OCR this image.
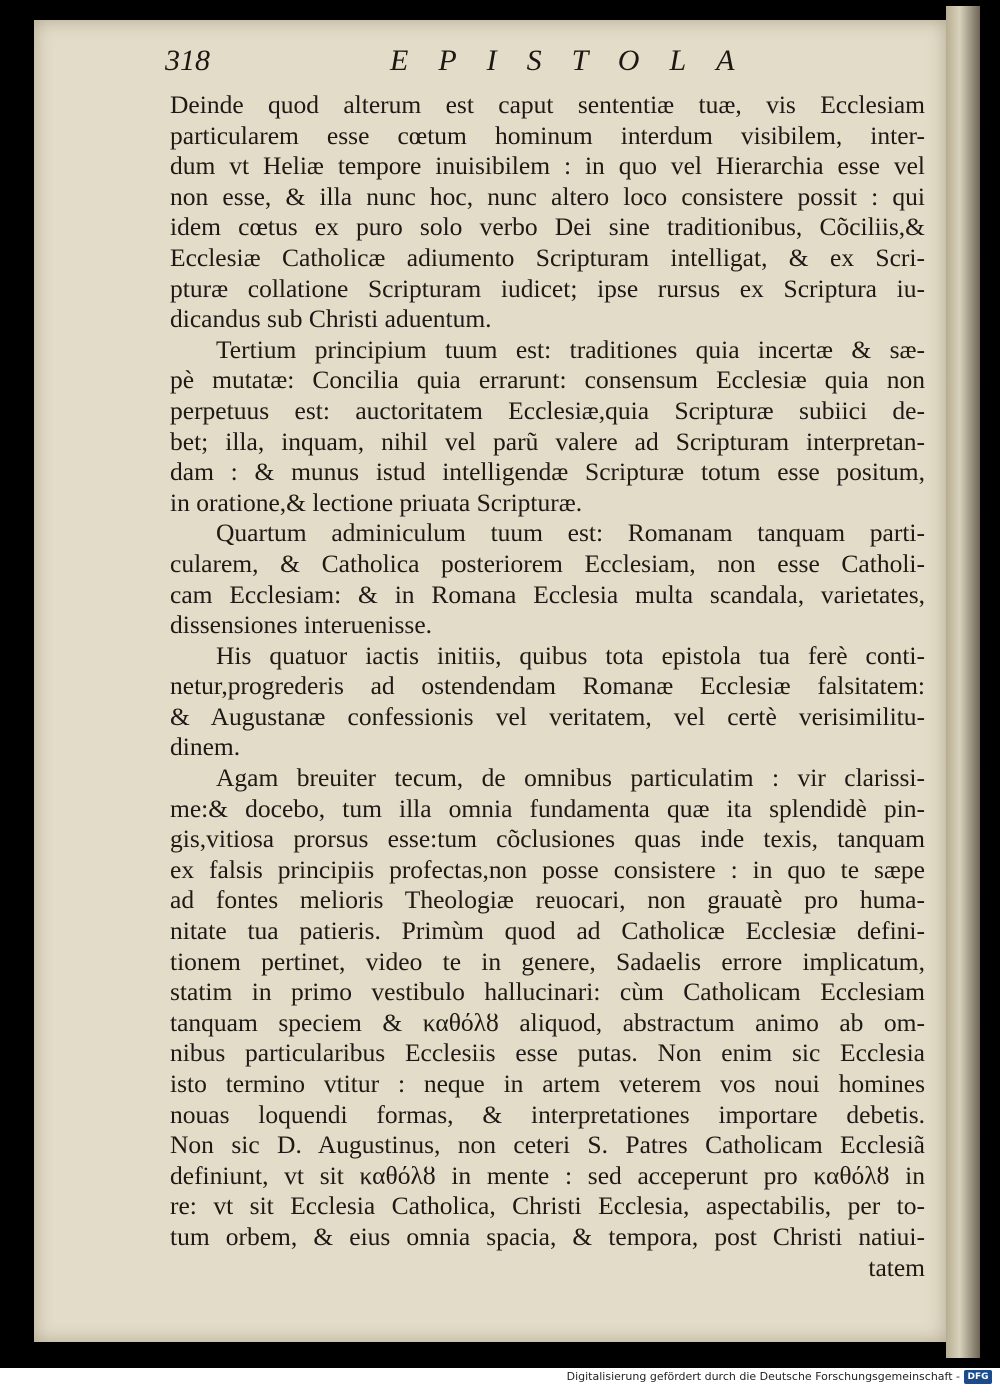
318	EPISTOLA
Deinde quod alterum est caput sententiæ tuæ, vis Ecclesiam
particularem esse cœtum hominum interdum visibilem, inter-
dum vt Heliæ tempore inuisibilem : in quo vel Hierarchia esse vel
non esse, & illa nunc hoc, nunc altero loco consistere possit : qui
idem cœtus ex puro solo verbo Dei sine traditionibus, Cõciliis,&
Ecclesiæ Catholicæ adiumento Scripturam intelligat, & ex Scri-
pturæ collatione Scripturam iudicet; ipse rursus ex Scriptura iu-
dicandus sub Christi aduentum.
Tertium principium tuum est: traditiones quia incertæ & sæ-
pè mutatæ: Concilia quia errarunt: consensum Ecclesiæ quia non
perpetuus est: auctoritatem Ecclesiæ,quia Scripturæ subiici de-
bet; illa, inquam, nihil vel parũ valere ad Scripturam interpretan-
dam : & munus istud intelligendæ Scripturæ totum esse positum,
in oratione,& lectione priuata Scripturæ.
Quartum adminiculum tuum est: Romanam tanquam parti-
cularem, & Catholica posteriorem Ecclesiam, non esse Catholi-
cam Ecclesiam: & in Romana Ecclesia multa scandala, varietates,
dissensiones interuenisse.
His quatuor iactis initiis, quibus tota epistola tua ferè conti-
netur,progrederis ad ostendendam Romanæ Ecclesiæ falsitatem:
& Augustanæ confessionis vel veritatem, vel certè verisimilitu-
dinem.
Agam breuiter tecum, de omnibus particulatim : vir clarissi-
me:& docebo, tum illa omnia fundamenta quæ ita splendidè pin-
gis,vitiosa prorsus esse:tum cõclusiones quas inde texis, tanquam
ex falsis principiis profectas,non posse consistere : in quo te sæpe
ad fontes melioris Theologiæ reuocari, non grauatè pro huma-
nitate tua patieris. Primùm quod ad Catholicæ Ecclesiæ defini-
tionem pertinet, video te in genere, Sadaelis errore implicatum,
statim in primo vestibulo hallucinari: cùm Catholicam Ecclesiam
tanquam speciem & καθόλȣ aliquod, abstractum animo ab om-
nibus particularibus Ecclesiis esse putas. Non enim sic Ecclesia
isto termino vtitur : neque in artem veterem vos noui homines
nouas loquendi formas, & interpretationes importare debetis.
Non sic D. Augustinus, non ceteri S. Patres Catholicam Ecclesiã
definiunt, vt sit καθόλȣ in mente : sed acceperunt pro καθόλȣ in
re: vt sit Ecclesia Catholica, Christi Ecclesia, aspectabilis, per to-
tum orbem, & eius omnia spacia, & tempora, post Christi natiui-
tatem
Digitalisierung gefördert durch die Deutsche Forschungsgemeinschaft - DFG
